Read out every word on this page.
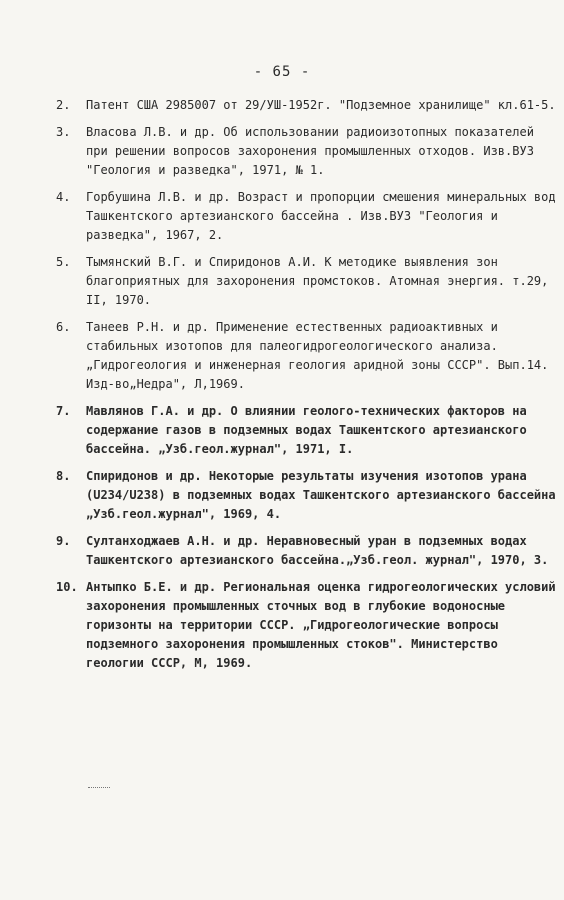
- 65 -
2.	Патент США 2985007 от 29/УШ-1952г. "Подземное хранилище" кл.61-5.
3.	Власова Л.В. и др. Об использовании радиоизотопных показателей при решении вопросов захоронения промышленных отходов. Изв.ВУЗ "Геология и разведка", 1971, № 1.
4.	Горбушина Л.В. и др. Возраст и пропорции смешения минеральных вод Ташкентского артезианского бассейна . Изв.ВУЗ "Геология и разведка", 1967, 2.
5.	Тымянский В.Г. и Спиридонов А.И. К методике выявления зон благоприятных для захоронения промстоков. Атомная энергия. т.29, II, 1970.
6.	Танеев Р.Н. и др. Применение естественных радиоактивных и стабильных изотопов для палеогидрогеологического анализа.„Гидрогеология и инженерная геология аридной зоны СССР". Вып.14. Изд-во„Недра", Л,1969.
7.	Мавлянов Г.А. и др. О влиянии геолого-технических факторов на содержание газов в подземных водах Ташкентского артезианского бассейна. „Узб.геол.журнал", 1971, I.
8.	Спиридонов и др. Некоторые результаты изучения изотопов урана (U234/U238) в подземных водах Ташкентского артезианского бассейна „Узб.геол.журнал", 1969, 4.
9.	Султанходжаев А.Н. и др. Неравновесный уран в подземных водах Ташкентского артезианского бассейна.„Узб.геол. журнал", 1970, 3.
10. Антыпко Б.Е. и др. Региональная оценка гидрогеологических условий захоронения промышленных сточных вод в глубокие водоносные горизонты на территории СССР. „Гидрогеологические вопросы подземного захоронения промышленных стоков". Министерство геологии СССР, М, 1969.
